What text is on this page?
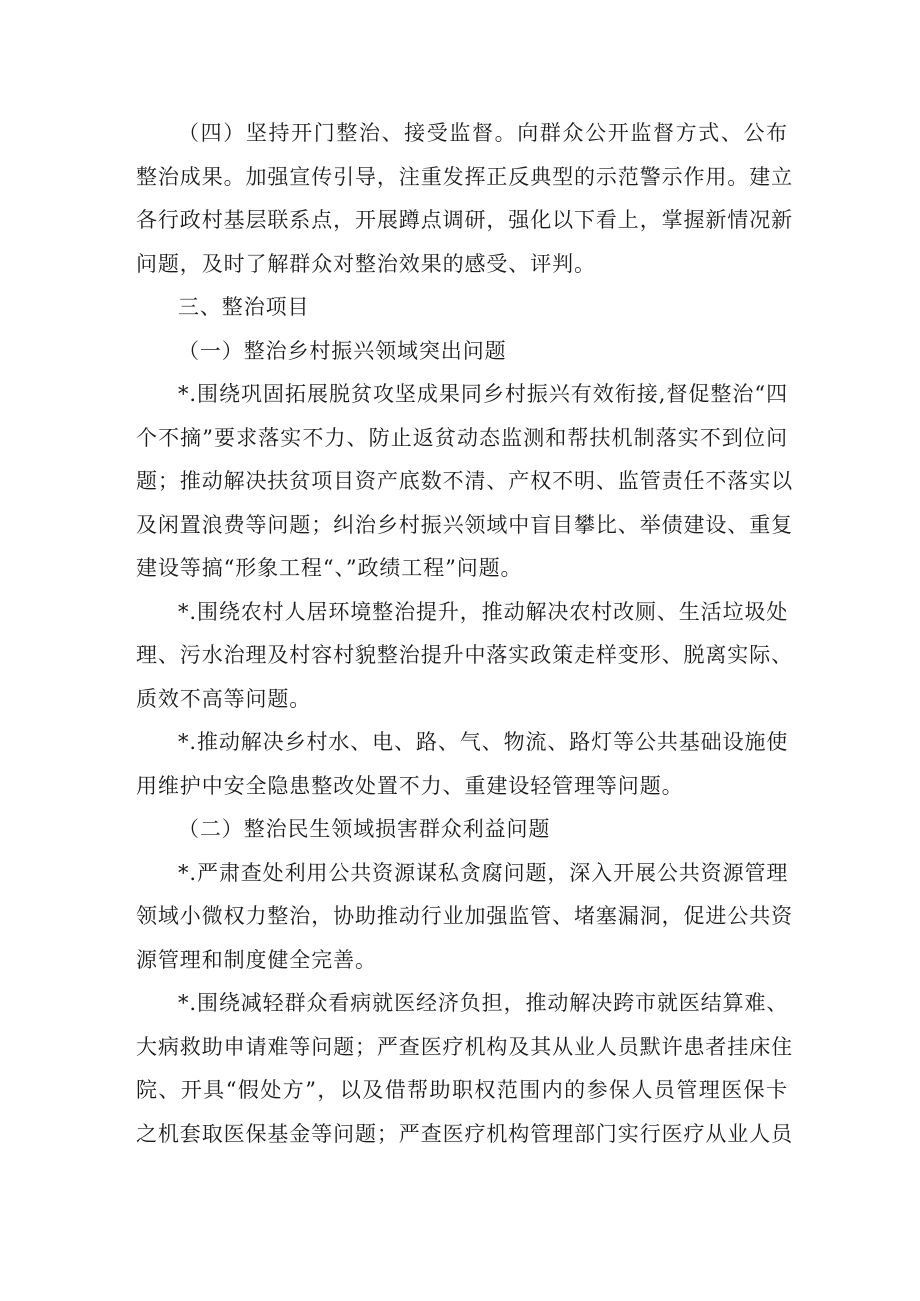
（四）坚持开门整治、接受监督。向群众公开监督方式、公布
整治成果。加强宣传引导，注重发挥正反典型的示范警示作用。建立
各行政村基层联系点，开展蹲点调研，强化以下看上，掌握新情况新
问题，及时了解群众对整治效果的感受、评判。
三、整治项目
（一）整治乡村振兴领域突出问题
*.围绕巩固拓展脱贫攻坚成果同乡村振兴有效衔接,督促整治“四
个不摘”要求落实不力、防止返贫动态监测和帮扶机制落实不到位问
题；推动解决扶贫项目资产底数不清、产权不明、监管责任不落实以
及闲置浪费等问题；纠治乡村振兴领域中盲目攀比、举债建设、重复
建设等搞“形象工程“、”政绩工程”问题。
*.围绕农村人居环境整治提升，推动解决农村改厕、生活垃圾处
理、污水治理及村容村貌整治提升中落实政策走样变形、脱离实际、
质效不高等问题。
*.推动解决乡村水、电、路、气、物流、路灯等公共基础设施使
用维护中安全隐患整改处置不力、重建设轻管理等问题。
（二）整治民生领域损害群众利益问题
*.严肃查处利用公共资源谋私贪腐问题，深入开展公共资源管理
领域小微权力整治，协助推动行业加强监管、堵塞漏洞，促进公共资
源管理和制度健全完善。
*.围绕减轻群众看病就医经济负担，推动解决跨市就医结算难、
大病救助申请难等问题；严查医疗机构及其从业人员默许患者挂床住
院、开具“假处方”，以及借帮助职权范围内的参保人员管理医保卡
之机套取医保基金等问题；严查医疗机构管理部门实行医疗从业人员
